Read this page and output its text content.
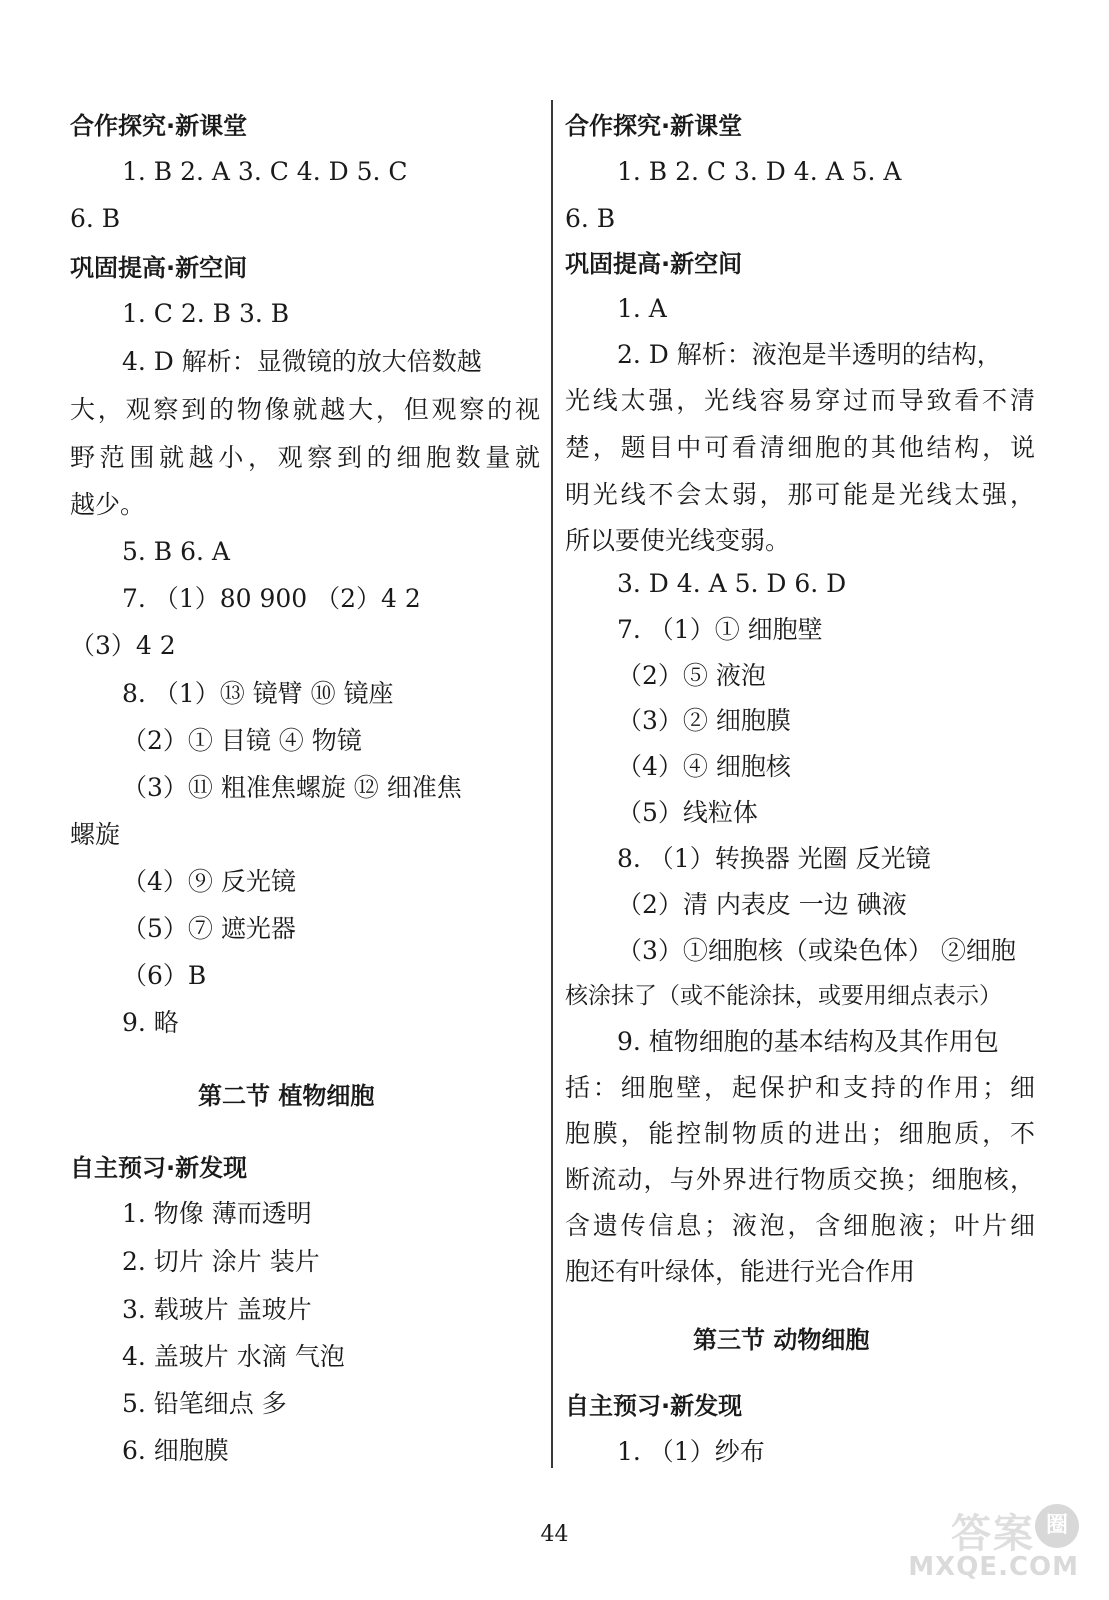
合作探究·新课堂
1. B 2. A 3. C 4. D 5. C
6. B
巩固提高·新空间
1. C 2. B 3. B
4. D 解析：显微镜的放大倍数越
大，观察到的物像就越大，但观察的视
野范围就越小，观察到的细胞数量就
越少。
5. B 6. A
7. （1）80 900 （2）4 2
（3）4 2
8. （1）⑬ 镜臂 ⑩ 镜座
（2）① 目镜 ④ 物镜
（3）⑪ 粗准焦螺旋 ⑫ 细准焦
螺旋
（4）⑨ 反光镜
（5）⑦ 遮光器
（6）B
9. 略
第二节 植物细胞
自主预习·新发现
1. 物像 薄而透明
2. 切片 涂片 装片
3. 载玻片 盖玻片
4. 盖玻片 水滴 气泡
5. 铅笔细点 多
6. 细胞膜
合作探究·新课堂
1. B 2. C 3. D 4. A 5. A
6. B
巩固提高·新空间
1. A
2. D 解析：液泡是半透明的结构，
光线太强，光线容易穿过而导致看不清
楚，题目中可看清细胞的其他结构，说
明光线不会太弱，那可能是光线太强，
所以要使光线变弱。
3. D 4. A 5. D 6. D
7. （1）① 细胞壁
（2）⑤ 液泡
（3）② 细胞膜
（4）④ 细胞核
（5）线粒体
8. （1）转换器 光圈 反光镜
（2）清 内表皮 一边 碘液
（3）①细胞核（或染色体） ②细胞
核涂抹了（或不能涂抹，或要用细点表示）
9. 植物细胞的基本结构及其作用包
括：细胞壁，起保护和支持的作用；细
胞膜，能控制物质的进出；细胞质，不
断流动，与外界进行物质交换；细胞核，
含遗传信息；液泡，含细胞液；叶片细
胞还有叶绿体，能进行光合作用
第三节 动物细胞
自主预习·新发现
1. （1）纱布
44	答案 圈
MXQE.COM
